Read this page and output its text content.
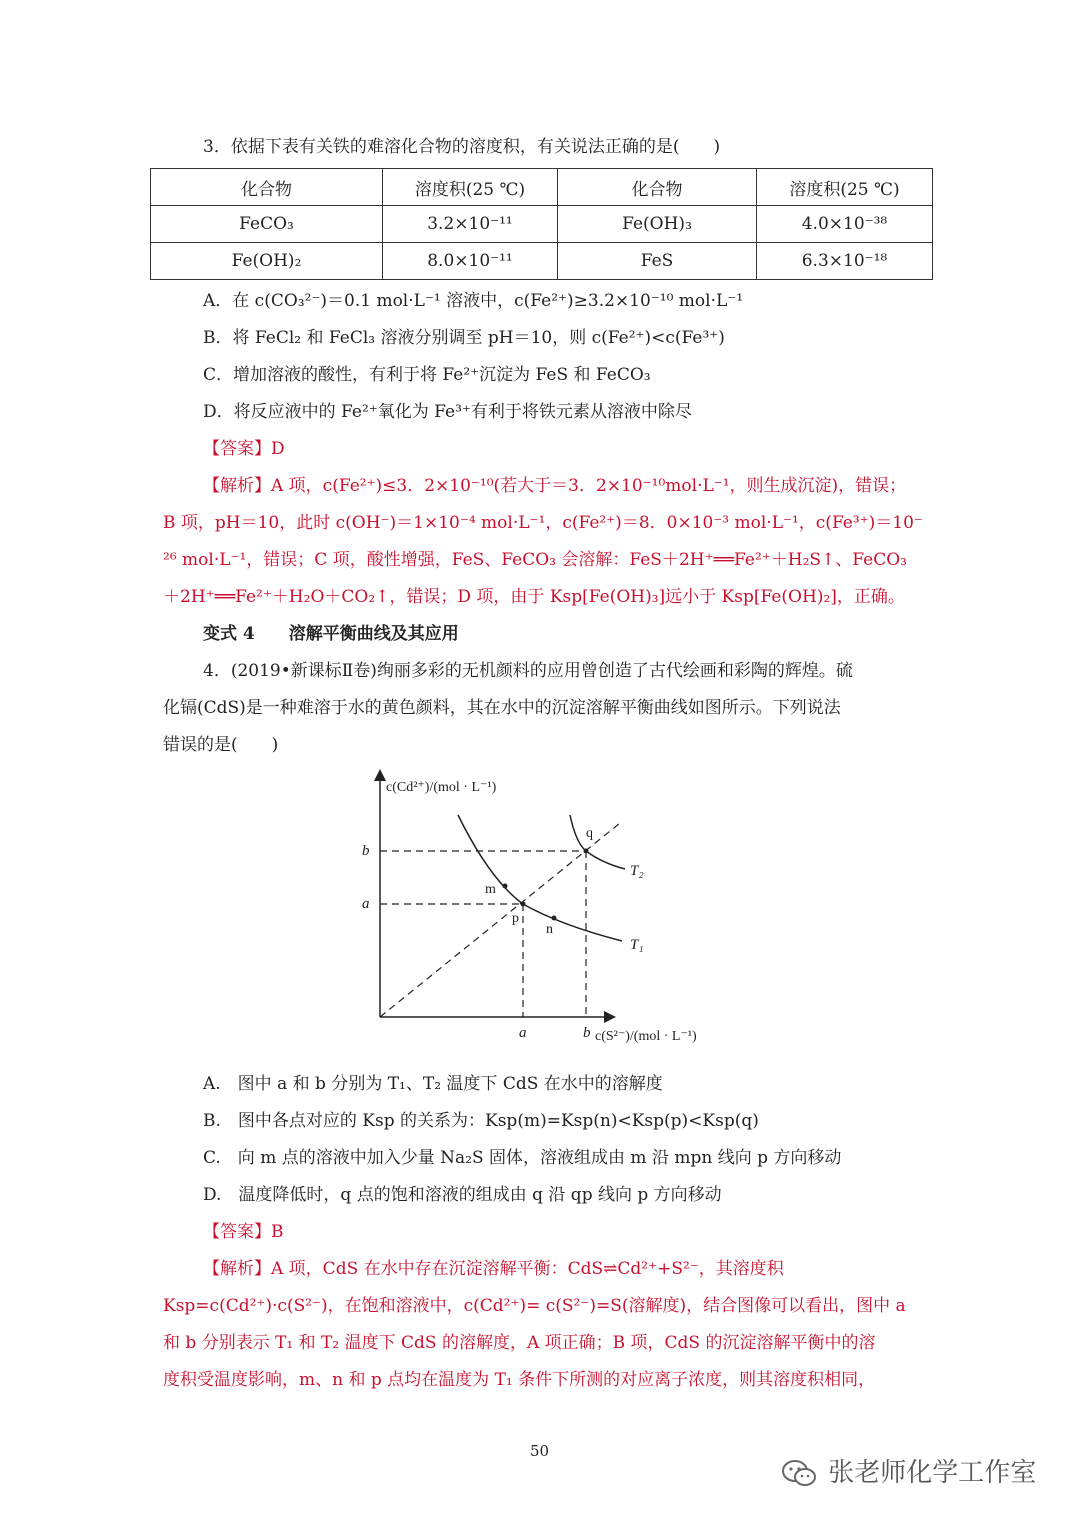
3．依据下表有关铁的难溶化合物的溶度积，有关说法正确的是(　　)
化合物	溶度积(25 ℃)	化合物	溶度积(25 ℃)
FeCO₃	3.2×10⁻¹¹	Fe(OH)₃	4.0×10⁻³⁸
Fe(OH)₂	8.0×10⁻¹¹	FeS	6.3×10⁻¹⁸
A．在 c(CO₃²⁻)＝0.1 mol·L⁻¹ 溶液中，c(Fe²⁺)≥3.2×10⁻¹⁰ mol·L⁻¹
B．将 FeCl₂ 和 FeCl₃ 溶液分别调至 pH＝10，则 c(Fe²⁺)<c(Fe³⁺)
C．增加溶液的酸性，有利于将 Fe²⁺沉淀为 FeS 和 FeCO₃
D．将反应液中的 Fe²⁺氧化为 Fe³⁺有利于将铁元素从溶液中除尽
【答案】D
【解析】A 项，c(Fe²⁺)≤3．2×10⁻¹⁰(若大于＝3．2×10⁻¹⁰mol·L⁻¹，则生成沉淀)，错误；
B 项，pH＝10，此时 c(OH⁻)＝1×10⁻⁴ mol·L⁻¹，c(Fe²⁺)＝8．0×10⁻³ mol·L⁻¹，c(Fe³⁺)＝10⁻
²⁶ mol·L⁻¹，错误；C 项，酸性增强，FeS、FeCO₃ 会溶解：FeS＋2H⁺══Fe²⁺＋H₂S↑、FeCO₃
＋2H⁺══Fe²⁺＋H₂O＋CO₂↑，错误；D 项，由于 Ksp[Fe(OH)₃]远小于 Ksp[Fe(OH)₂]，正确。
变式 4　　溶解平衡曲线及其应用
4．(2019•新课标Ⅱ卷)绚丽多彩的无机颜料的应用曾创造了古代绘画和彩陶的辉煌。硫
化镉(CdS)是一种难溶于水的黄色颜料，其在水中的沉淀溶解平衡曲线如图所示。下列说法
错误的是(　　)
c(Cd²⁺)/(mol · L⁻¹)
c(S²⁻)/(mol · L⁻¹)
a
b
a	b
m
n
p
q
T₂
T₁
A.　图中 a 和 b 分别为 T₁、T₂ 温度下 CdS 在水中的溶解度
B.　图中各点对应的 Ksp 的关系为：Ksp(m)=Ksp(n)<Ksp(p)<Ksp(q)
C.　向 m 点的溶液中加入少量 Na₂S 固体，溶液组成由 m 沿 mpn 线向 p 方向移动
D.　温度降低时，q 点的饱和溶液的组成由 q 沿 qp 线向 p 方向移动
【答案】B
【解析】A 项，CdS 在水中存在沉淀溶解平衡：CdS⇌Cd²⁺+S²⁻，其溶度积
Ksp=c(Cd²⁺)·c(S²⁻)，在饱和溶液中，c(Cd²⁺)= c(S²⁻)=S(溶解度)，结合图像可以看出，图中 a
和 b 分别表示 T₁ 和 T₂ 温度下 CdS 的溶解度，A 项正确；B 项，CdS 的沉淀溶解平衡中的溶
度积受温度影响，m、n 和 p 点均在温度为 T₁ 条件下所测的对应离子浓度，则其溶度积相同，
50
张老师化学工作室
